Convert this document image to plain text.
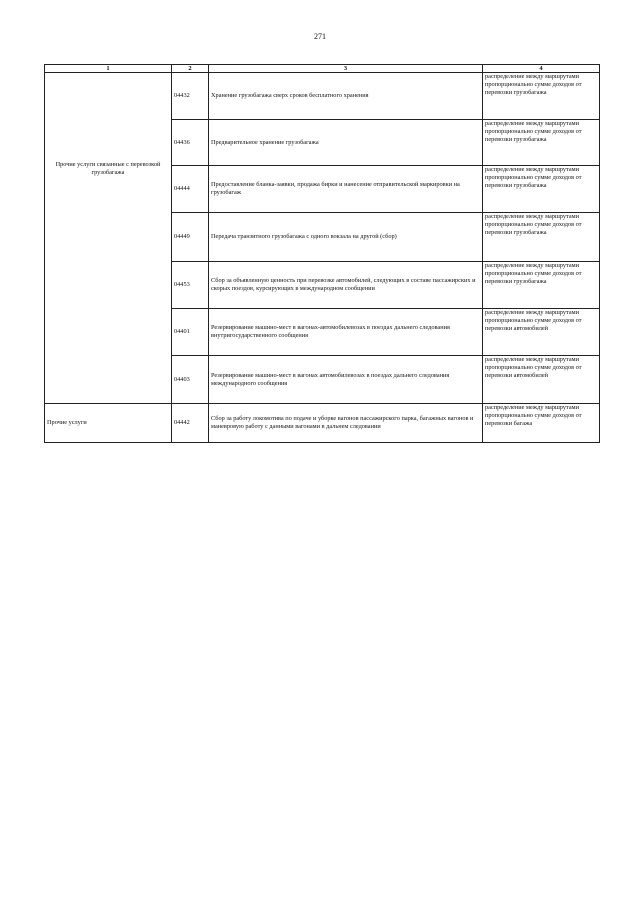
271
1	2	3	4
Прочие услуги связанные с перевозкой грузобагажа	04432	Хранение грузобагажа сверх сроков бесплатного хранения	распределение между маршрутами пропорционально сумме доходов от перевозки грузобагажа
	04436	Предварительное хранение грузобагажа	распределение между маршрутами пропорционально сумме доходов от перевозки грузобагажа
	04444	Предоставление бланка-заявки, продажа бирки и нанесение отправительской маркировки на грузобагаж	распределение между маршрутами пропорционально сумме доходов от перевозки грузобагажа
	04449	Передача транзитного грузобагажа с одного вокзала на другой (сбор)	распределение между маршрутами пропорционально сумме доходов от перевозки грузобагажа
	04453	Сбор за объявленную ценность при перевозке автомобилей, следующих в составе пассажирских и скорых поездов, курсирующих в международном сообщении	распределение между маршрутами пропорционально сумме доходов от перевозки грузобагажа
	04401	Резервирование машино-мест в вагонах-автомобилевозах в поездах дальнего следования внутригосударственного сообщения	распределение между маршрутами пропорционально сумме доходов от перевозки автомобилей
	04403	Резервирование машино-мест в вагонах автомобилевозах в поездах дальнего следования международного сообщения	распределение между маршрутами пропорционально сумме доходов от перевозки автомобилей
Прочие услуги	04442	Сбор за работу локомотива по подаче и уборке вагонов пассажирского парка, багажных вагонов и маневровую работу с данными вагонами в дальнем следовании	распределение между маршрутами пропорционально сумме доходов от перевозки багажа
